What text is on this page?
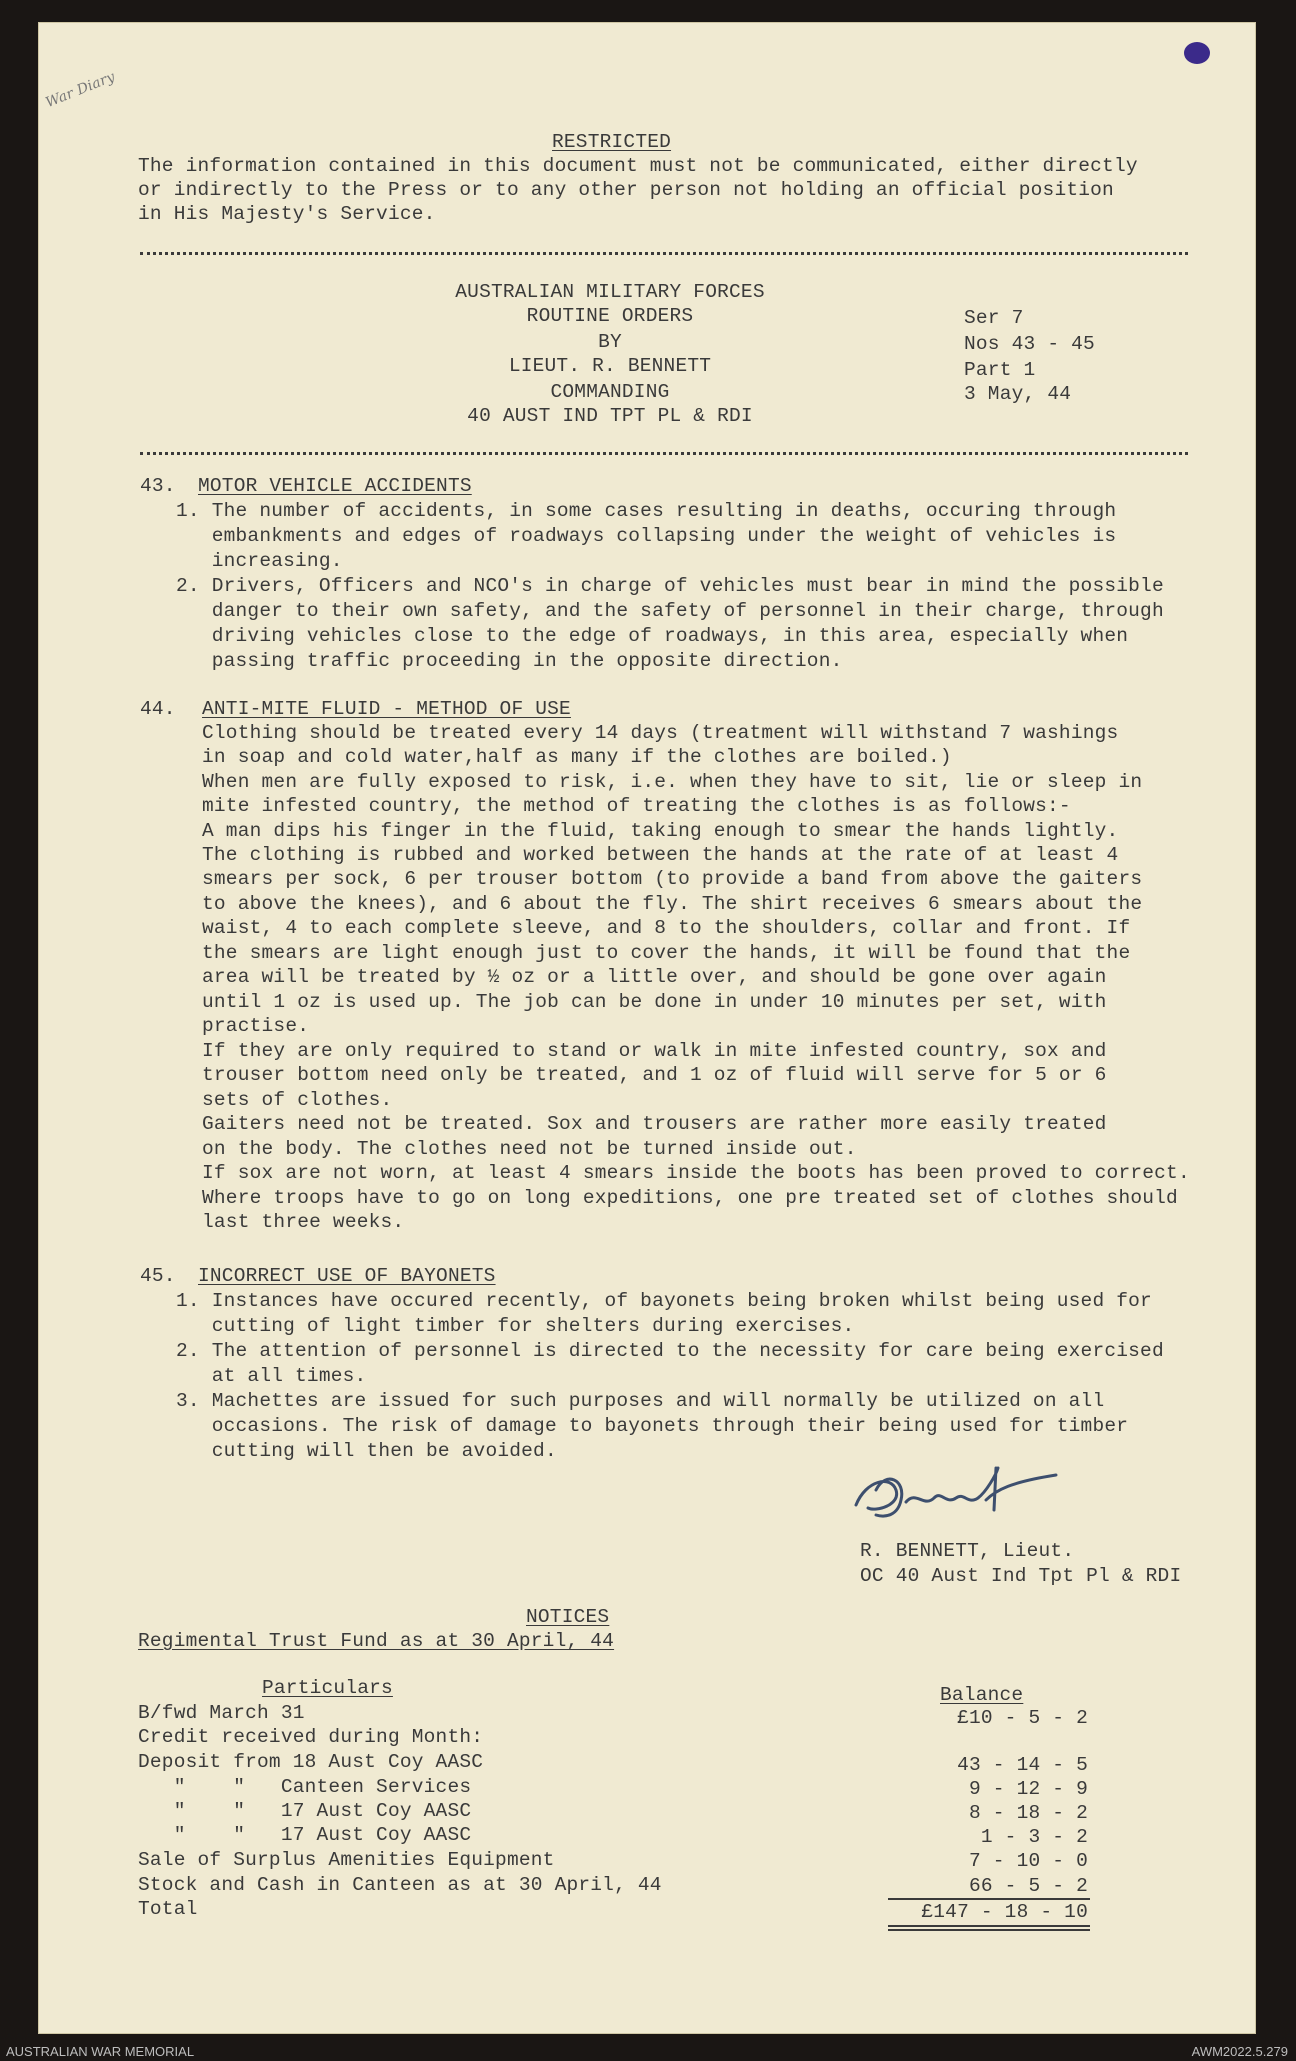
War Diary
RESTRICTED
The information contained in this document must not be communicated, either directly
or indirectly to the Press or to any other person not holding an official position
in His Majesty's Service.
AUSTRALIAN MILITARY FORCES
ROUTINE ORDERS
BY
LIEUT. R. BENNETT
COMMANDING
40 AUST IND TPT PL & RDI
Ser 7
Nos 43 - 45
Part 1
3 May, 44
43. MOTOR VEHICLE ACCIDENTS
1. The number of accidents, in some cases resulting in deaths, occuring through
embankments and edges of roadways collapsing under the weight of vehicles is
increasing.
2. Drivers, Officers and NCO's in charge of vehicles must bear in mind the possible
danger to their own safety, and the safety of personnel in their charge, through
driving vehicles close to the edge of roadways, in this area, especially when
passing traffic proceeding in the opposite direction.
44. ANTI-MITE FLUID - METHOD OF USE
Clothing should be treated every 14 days (treatment will withstand 7 washings
in soap and cold water,half as many if the clothes are boiled.)
When men are fully exposed to risk, i.e. when they have to sit, lie or sleep in
mite infested country, the method of treating the clothes is as follows:-
A man dips his finger in the fluid, taking enough to smear the hands lightly.
The clothing is rubbed and worked between the hands at the rate of at least 4
smears per sock, 6 per trouser bottom (to provide a band from above the gaiters
to above the knees), and 6 about the fly. The shirt receives 6 smears about the
waist, 4 to each complete sleeve, and 8 to the shoulders, collar and front. If
the smears are light enough just to cover the hands, it will be found that the
area will be treated by ½ oz or a little over, and should be gone over again
until 1 oz is used up. The job can be done in under 10 minutes per set, with
practise.
If they are only required to stand or walk in mite infested country, sox and
trouser bottom need only be treated, and 1 oz of fluid will serve for 5 or 6
sets of clothes.
Gaiters need not be treated. Sox and trousers are rather more easily treated
on the body. The clothes need not be turned inside out.
If sox are not worn, at least 4 smears inside the boots has been proved to correct.
Where troops have to go on long expeditions, one pre treated set of clothes should
last three weeks.
45. INCORRECT USE OF BAYONETS
1. Instances have occured recently, of bayonets being broken whilst being used for
cutting of light timber for shelters during exercises.
2. The attention of personnel is directed to the necessity for care being exercised
at all times.
3. Machettes are issued for such purposes and will normally be utilized on all
occasions. The risk of damage to bayonets through their being used for timber
cutting will then be avoided.
R. BENNETT, Lieut.
OC 40 Aust Ind Tpt Pl & RDI
NOTICES
Regimental Trust Fund as at 30 April, 44
Particulars	Balance
B/fwd March 31	£10 - 5 - 2
Credit received during Month:
Deposit from 18 Aust Coy AASC	43 - 14 - 5
"    "   Canteen Services	9 - 12 - 9
"    "   17 Aust Coy AASC	8 - 18 - 2
"    "   17 Aust Coy AASC	1 - 3 - 2
Sale of Surplus Amenities Equipment	7 - 10 - 0
Stock and Cash in Canteen as at 30 April, 44	66 - 5 - 2
Total	£147 - 18 - 10
AUSTRALIAN WAR MEMORIAL	AWM2022.5.279
